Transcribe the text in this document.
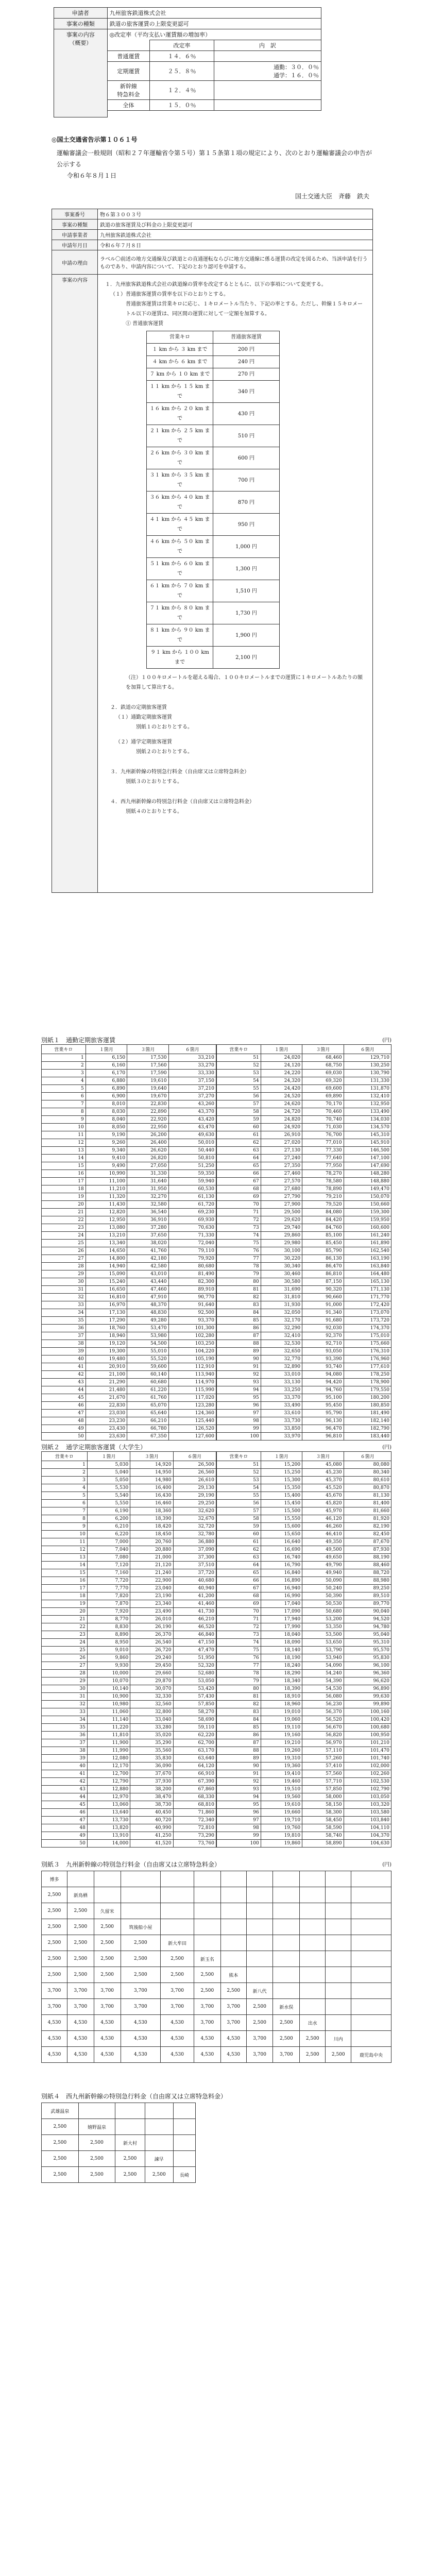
申請者	九州旅客鉄道株式会社		
事案の種類	鉄道の旅客運賃の上限変更認可		

事案の内容
（概要）	◎改定率（平均支払い運賃額の増加率）		
		改定率	内　訳
	普通運賃	１４．６％	
	定期運賃	２５．８％	通勤：３０．０％
通学：１６．０％
	新幹線
特急料金	１２．４％	
	全体	１５．０％	

◎国土交通省告示第１０６１号
運輸審議会一般規則（昭和２７年運輸省令第５号）第１５条第１項の規定により、次のとおり運輸審議会の申告が公示する
令和６年８月１日
国土交通大臣　斉藤　鉄夫
事案番号	物６第３００３号
事案の種類	鉄道の旅客運賃及び料金の上限変更認可
申請事業者	九州旅客鉄道株式会社
申請年月日	令和６年７月８日
申請の理由	ラベル〇前述の地方交通線及び鉄道との直通運転ならびに地方交通線に係る運賃の改定を図るため、当該申請を行うものであり、申請内容について、下記のとおり認可を申請する。
事案の内容	
１．九州旅客鉄道株式会社の鉄道線の賃率を改定するとともに、以下の事項について変更する。
（１）普通旅客運賃の賃率を以下のとおりとする。
普通旅客運賃は営業キロに応じ、１キロメートル当たり、下記の率とする。ただし、幹線１５キロメートル以下の運賃は、同区間の運賃に対して一定額を加算する。
① 普通旅客運賃
営業キロ	普通旅客運賃
１ km から ３ km まで	200 円
４ km から ６ km まで	240 円
７ km から １０ km まで	270 円
１１ km から １５ km まで	340 円
１６ km から ２０ km まで	430 円
２１ km から ２５ km まで	510 円
２６ km から ３０ km まで	600 円
３１ km から ３５ km まで	700 円
３６ km から ４０ km まで	870 円
４１ km から ４５ km まで	950 円
４６ km から ５０ km まで	1,000 円
５１ km から ６０ km まで	1,300 円
６１ km から ７０ km まで	1,510 円
７１ km から ８０ km まで	1,730 円
８１ km から ９０ km まで	1,900 円
９１ km から １００ km まで	2,100 円
（注）１００キロメートルを超える場合、１００キロメートルまでの運賃に１キロメートルあたりの額を加算して算出する。
２．鉄道の定期旅客運賃
（１）通勤定期旅客運賃
別紙１のとおりとする。
（２）通学定期旅客運賃
別紙２のとおりとする。
３．九州新幹線の特別急行料金（自由席又は立席特急料金）
別紙３のとおりとする。
４．西九州新幹線の特別急行料金（自由席又は立席特急料金）
別紙４のとおりとする。
別紙１　通勤定期旅客運賃	(円)
営業キロ	１箇月	３箇月	６箇月
1	6,150	17,530	33,210
2	6,160	17,560	33,270
3	6,170	17,590	33,330
4	6,880	19,610	37,150
5	6,890	19,640	37,210
6	6,900	19,670	37,270
7	8,010	22,830	43,260
8	8,030	22,890	43,370
9	8,040	22,920	43,420
10	8,050	22,950	43,470
11	9,190	26,200	49,630
12	9,260	26,400	50,010
13	9,340	26,620	50,440
14	9,410	26,820	50,810
15	9,490	27,050	51,250
16	10,990	31,330	59,350
17	11,100	31,640	59,940
18	11,210	31,950	60,530
19	11,320	32,270	61,130
20	11,430	32,580	61,720
21	12,820	36,540	69,230
22	12,950	36,910	69,930
23	13,080	37,280	70,630
24	13,210	37,650	71,330
25	13,340	38,020	72,040
26	14,650	41,760	79,110
27	14,800	42,180	79,920
28	14,940	42,580	80,680
29	15,090	43,010	81,490
30	15,240	43,440	82,300
31	16,650	47,460	89,910
32	16,810	47,910	90,770
33	16,970	48,370	91,640
34	17,130	48,830	92,500
35	17,290	49,280	93,370
36	18,760	53,470	101,300
37	18,940	53,980	102,280
38	19,120	54,500	103,250
39	19,300	55,010	104,220
40	19,480	55,520	105,190
41	20,910	59,600	112,910
42	21,100	60,140	113,940
43	21,290	60,680	114,970
44	21,480	61,220	115,990
45	21,670	61,760	117,020
46	22,830	65,070	123,280
47	23,030	65,640	124,360
48	23,230	66,210	125,440
49	23,430	66,780	126,520
50	23,630	67,350	127,600
営業キロ	１箇月	３箇月	６箇月
51	24,020	68,460	129,710
52	24,120	68,750	130,250
53	24,220	69,030	130,790
54	24,320	69,320	131,330
55	24,420	69,600	131,870
56	24,520	69,890	132,410
57	24,620	70,170	132,950
58	24,720	70,460	133,490
59	24,820	70,740	134,030
60	24,920	71,030	134,570
61	26,910	76,700	145,310
62	27,020	77,010	145,910
63	27,130	77,330	146,500
64	27,240	77,640	147,100
65	27,350	77,950	147,690
66	27,460	78,270	148,280
67	27,570	78,580	148,880
68	27,680	78,890	149,470
69	27,790	79,210	150,070
70	27,900	79,520	150,660
71	29,500	84,080	159,300
72	29,620	84,420	159,950
73	29,740	84,760	160,600
74	29,860	85,100	161,240
75	29,980	85,450	161,890
76	30,100	85,790	162,540
77	30,220	86,130	163,190
78	30,340	86,470	163,840
79	30,460	86,810	164,480
80	30,580	87,150	165,130
81	31,690	90,320	171,130
82	31,810	90,660	171,770
83	31,930	91,000	172,420
84	32,050	91,340	173,070
85	32,170	91,680	173,720
86	32,290	92,030	174,370
87	32,410	92,370	175,010
88	32,530	92,710	175,660
89	32,650	93,050	176,310
90	32,770	93,390	176,960
91	32,890	93,740	177,610
92	33,010	94,080	178,250
93	33,130	94,420	178,900
94	33,250	94,760	179,550
95	33,370	95,100	180,200
96	33,490	95,450	180,850
97	33,610	95,790	181,490
98	33,730	96,130	182,140
99	33,850	96,470	182,790
100	33,970	96,810	183,440
別紙２　通学定期旅客運賃（大学生）	(円)
営業キロ	１箇月	３箇月	６箇月
1	5,030	14,920	26,500
2	5,040	14,950	26,560
3	5,050	14,980	26,610
4	5,530	16,400	29,130
5	5,540	16,430	29,190
6	5,550	16,460	29,250
7	6,190	18,360	32,620
8	6,200	18,390	32,670
9	6,210	18,420	32,720
10	6,220	18,450	32,780
11	7,000	20,760	36,880
12	7,040	20,880	37,090
13	7,080	21,000	37,300
14	7,120	21,120	37,510
15	7,160	21,240	37,720
16	7,720	22,900	40,680
17	7,770	23,040	40,940
18	7,820	23,190	41,200
19	7,870	23,340	41,460
20	7,920	23,490	41,730
21	8,770	26,010	46,210
22	8,830	26,190	46,520
23	8,890	26,370	46,840
24	8,950	26,540	47,150
25	9,010	26,720	47,470
26	9,860	29,240	51,950
27	9,930	29,450	52,320
28	10,000	29,660	52,680
29	10,070	29,870	53,050
30	10,140	30,070	53,420
31	10,900	32,330	57,430
32	10,980	32,560	57,850
33	11,060	32,800	58,270
34	11,140	33,040	58,690
35	11,220	33,280	59,110
36	11,810	35,020	62,220
37	11,900	35,290	62,700
38	11,990	35,560	63,170
39	12,080	35,830	63,640
40	12,170	36,090	64,120
41	12,700	37,670	66,910
42	12,790	37,930	67,390
43	12,880	38,200	67,860
44	12,970	38,470	68,330
45	13,060	38,730	68,810
46	13,640	40,450	71,860
47	13,730	40,720	72,340
48	13,820	40,990	72,810
49	13,910	41,250	73,290
50	14,000	41,520	73,760
営業キロ	１箇月	３箇月	６箇月
51	15,200	45,080	80,080
52	15,250	45,230	80,340
53	15,300	45,370	80,610
54	15,350	45,520	80,870
55	15,400	45,670	81,130
56	15,450	45,820	81,400
57	15,500	45,970	81,660
58	15,550	46,120	81,920
59	15,600	46,260	82,190
60	15,650	46,410	82,450
61	16,640	49,350	87,670
62	16,690	49,500	87,930
63	16,740	49,650	88,190
64	16,790	49,790	88,460
65	16,840	49,940	88,720
66	16,890	50,090	88,980
67	16,940	50,240	89,250
68	16,990	50,390	89,510
69	17,040	50,530	89,770
70	17,090	50,680	90,040
71	17,940	53,200	94,520
72	17,990	53,350	94,780
73	18,040	53,500	95,040
74	18,090	53,650	95,310
75	18,140	53,790	95,570
76	18,190	53,940	95,830
77	18,240	54,090	96,100
78	18,290	54,240	96,360
79	18,340	54,390	96,620
80	18,390	54,530	96,890
81	18,910	56,080	99,630
82	18,960	56,230	99,890
83	19,010	56,370	100,160
84	19,060	56,520	100,420
85	19,110	56,670	100,680
86	19,160	56,820	100,950
87	19,210	56,970	101,210
88	19,260	57,110	101,470
89	19,310	57,260	101,740
90	19,360	57,410	102,000
91	19,410	57,560	102,260
92	19,460	57,710	102,530
93	19,510	57,850	102,790
94	19,560	58,000	103,050
95	19,610	58,150	103,320
96	19,660	58,300	103,580
97	19,710	58,450	103,840
98	19,760	58,590	104,110
99	19,810	58,740	104,370
100	19,860	58,890	104,630
別紙３　九州新幹線の特別急行料金（自由席又は立席特急料金）	(円)
博多											
2,500	新鳥栖										
2,500	2,500	久留米									
2,500	2,500	2,500	筑後船小屋								
2,500	2,500	2,500	2,500	新大牟田							
2,500	2,500	2,500	2,500	2,500	新玉名						
2,500	2,500	2,500	2,500	2,500	2,500	熊本					
3,700	3,700	3,700	3,700	3,700	2,500	2,500	新八代				
3,700	3,700	3,700	3,700	3,700	3,700	3,700	2,500	新水俣			
4,530	4,530	4,530	4,530	4,530	3,700	3,700	2,500	2,500	出水		
4,530	4,530	4,530	4,530	4,530	4,530	4,530	3,700	2,500	2,500	川内	
4,530	4,530	4,530	4,530	4,530	4,530	4,530	3,700	3,700	2,500	2,500	鹿児島中央
別紙４　西九州新幹線の特別急行料金（自由席又は立席特急料金）
武雄温泉				
2,500	嬉野温泉			
2,500	2,500	新大村		
2,500	2,500	2,500	諫早	
2,500	2,500	2,500	2,500	長崎
